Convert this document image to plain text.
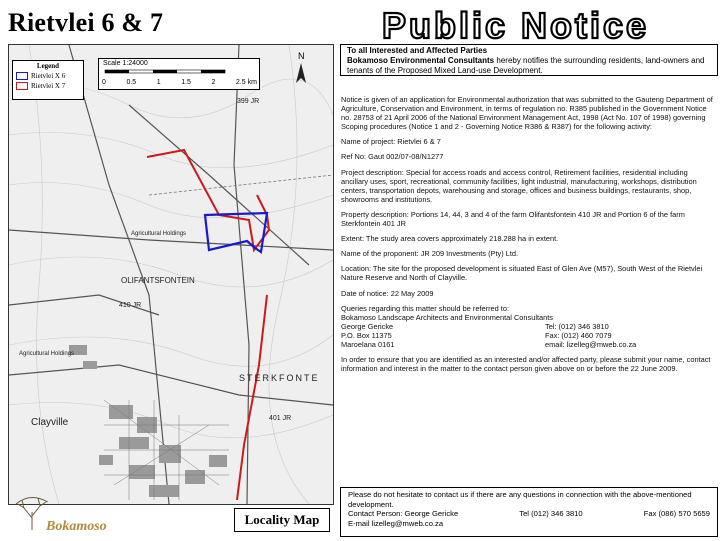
Rietvlei 6 & 7	Public Notice
To all Interested and Affected Parties
Bokamoso Environmental Consultants hereby notifies the surrounding residents, land-owners and tenants of the Proposed Mixed Land-use Development.

Notice is given of an application for Environmental authorization that was submitted to the Gauteng Department of Agriculture, Conservation and Environment, in terms of regulation no. R385 published in the Government Notice no. 28753 of 21 April 2006 of the National Environment Management Act, 1998 (Act No. 107 of 1998) governing Scoping procedures (Notice 1 and 2 - Governing Notice R386 & R387) for the following activity:

Name of project: Rietvlei 6 & 7

Ref No: Gaut 002/07-08/N1277

Project description: Special for access roads and access control, Retirement facilities, residential including ancillary uses, sport, recreational, community facilities, light industrial, manufacturing, workshops, distribution centers, transportation depots, warehousing and storage, offices and business buildings, restaurants, shop, showrooms and institutions.

Property description: Portions 14, 44, 3 and 4 of the farm Olifantsfontein 410 JR and Portion 6 of the farm Sterkfontein 401 JR

Extent: The study area covers approximately 218.288 ha in extent.

Name of the proponent: JR 209 Investments (Pty) Ltd.

Location: The site for the proposed development is situated East of Glen Ave (M57), South West of the Rietvlei Nature Reserve and North of Clayville.

Date of notice: 22 May 2009

Queries regarding this matter should be referred to:
Bokamoso Landscape Architects and Environmental Consultants
George Gericke	Tel: (012) 346 3810
P.O. Box 11375	Fax: (012) 460 7079
Maroelana 0161	email: lizelleg@mweb.co.za

In order to ensure that you are identified as an interested and/or affected party, please submit your name, contact information and interest in the matter to the contact person given above on or before the 22 June 2009.

OLIFANTSFONTEIN
Agricultural Holdings
Agricultural Holdings
STERKFONTE
Clayville	401 JR
399 JR
410 JR
N
Legend
Rietvlei X 6
Rietvlei X 7
Scale 1:24000
0	0.5	1	1.5	2	2.5 km
Locality Map
Bokamoso
Please do not hesitate to contact us if there are any questions in connection with the above-mentioned development.
Contact Person: George Gericke	Tel (012) 346 3810	Fax (086) 570 5659
E-mail lizelleg@mweb.co.za
